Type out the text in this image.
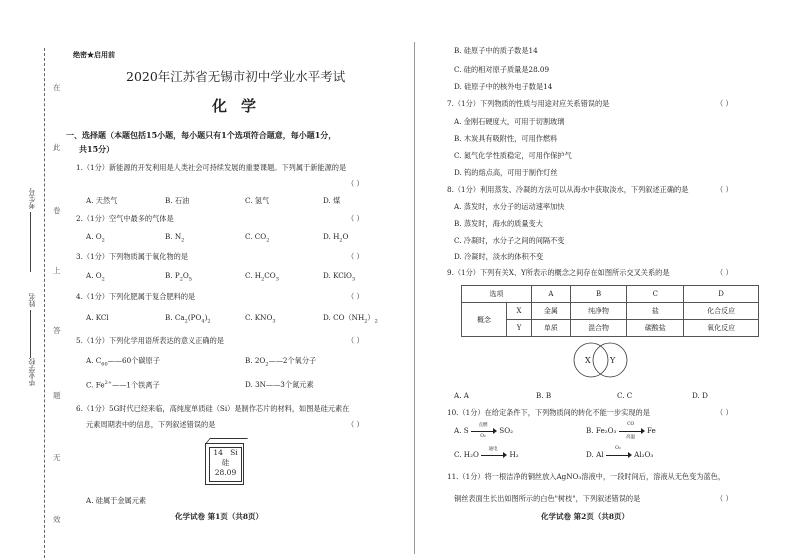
在
此
卷
上
答
题
无
效
考生号
姓名
毕业学校
绝密★启用前
2020年江苏省无锡市初中学业水平考试
化学
一、选择题（本题包括15小题，每小题只有1个选项符合题意，每小题1分，
共15分）
1.（1分）新能源的开发利用是人类社会可持续发展的重要课题。下列属于新能源的是
（ ）
A. 天然气	B. 石油	C. 氢气	D. 煤
2.（1分）空气中最多的气体是	（ ）
A. $O_2$	B. $N_2$	C. $CO_2$	D. $H_2O$
3.（1分）下列物质属于氧化物的是	（ ）
A. $O_2$	B. $P_2O_5$	C. $H_2CO_3$	D. KClO$_3$
4.（1分）下列化肥属于复合肥料的是	（ ）
A. KCl	B. $Ca_2(PO_4)_2$	C. $KNO_3$	D. $CO(NH_2)_2$
5.（1分）下列化学用语所表达的意义正确的是	（ ）
A. $C_{60}——60$个碳原子	B. $2O_2——2$个氧分子
C. $Fe^{2+}——1$个铁离子	D. 3N——3个氮元素
6.（1分）5G时代已经来临，高纯度单质硅（Si）是制作芯片的材料，如图是硅元素在
元素周期表中的信息，下列叙述错误的是	（ ）
14 Si
硅
28.09
A. 硅属于金属元素
化学试卷 第1页（共8页）
B. 硅原子中的质子数是14
C. 硅的相对原子质量是28.09
D. 硅原子中的核外电子数是14
7.（1分）下列物质的性质与用途对应关系错误的是	（ ）
A. 金刚石硬度大，可用于切割玻璃
B. 木炭具有吸附性，可用作燃料
C. 氮气化学性质稳定，可用作保护气
D. 钨的熔点高，可用于制作灯丝
8.（1分）利用蒸发、冷凝的方法可以从海水中获取淡水，下列叙述正确的是	（ ）
A. 蒸发时，水分子的运动速率加快
B. 蒸发时，海水的质量变大
C. 冷凝时，水分子之间的间隔不变
D. 冷凝时，淡水的体积不变
9.（1分）下列有关X、Y所表示的概念之间存在如图所示交叉关系的是	（ ）
选项		A	B	C	D
概念	X	金属	纯净物	盐	化合反应
	Y	单质	混合物	碳酸盐	氧化反应
X Y
A. A	B. B	C. C	D. D
10.（1分）在给定条件下，下列物质间的转化不能一步实现的是	（ ）
A. S
点燃
O₂
SO₂	B. Fe₂O₃
CO
高温
Fe
C. H₂O
通电
H₂	D. Al
O₂
Al₂O₃
11.（1分）将一根洁净的铜丝放入AgNO₃溶液中，一段时间后，溶液从无色变为蓝色，
铜丝表面生长出如图所示的白色"树枝"，下列叙述错误的是	（ ）
化学试卷 第2页（共8页）
